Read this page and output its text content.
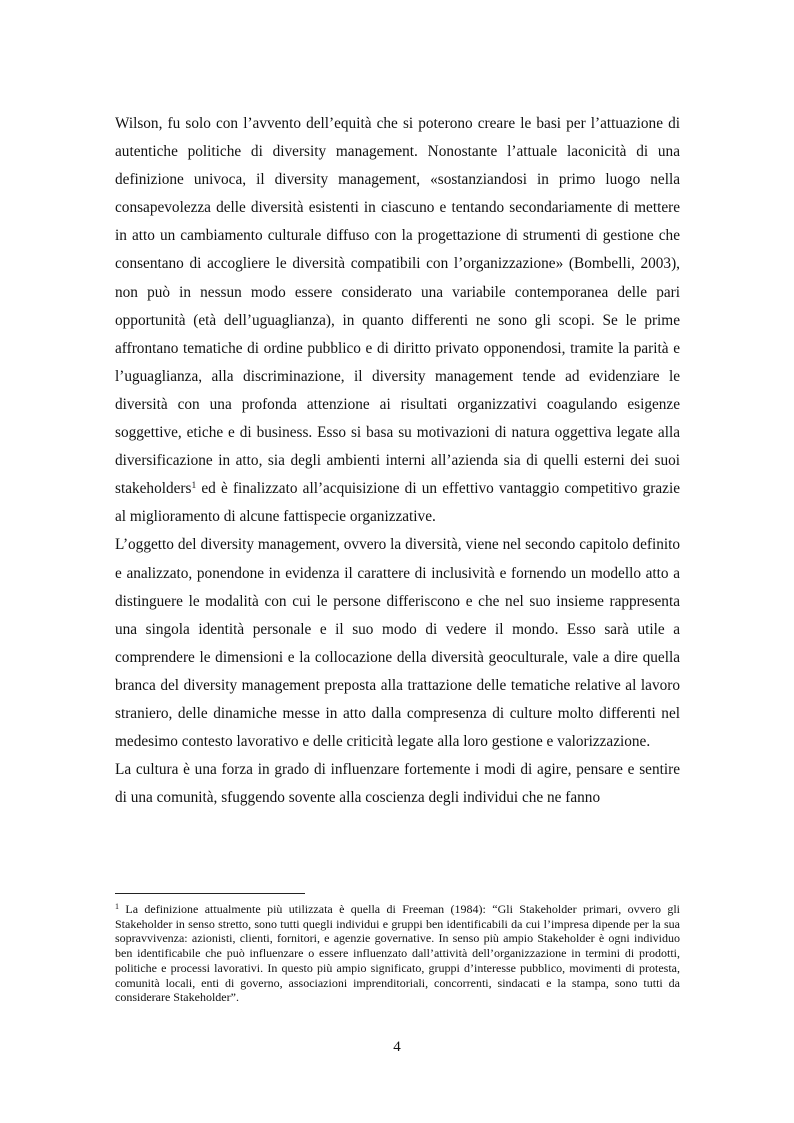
Wilson, fu solo con l’avvento dell’equità che si poterono creare le basi per l’attuazione di autentiche politiche di diversity management. Nonostante l’attuale laconicità di una definizione univoca, il diversity management, «sostanziandosi in primo luogo nella consapevolezza delle diversità esistenti in ciascuno e tentando secondariamente di mettere in atto un cambiamento culturale diffuso con la progettazione di strumenti di gestione che consentano di accogliere le diversità compatibili con l’organizzazione» (Bombelli, 2003), non può in nessun modo essere considerato una variabile contemporanea delle pari opportunità (età dell’uguaglianza), in quanto differenti ne sono gli scopi. Se le prime affrontano tematiche di ordine pubblico e di diritto privato opponendosi, tramite la parità e l’uguaglianza, alla discriminazione, il diversity management tende ad evidenziare le diversità con una profonda attenzione ai risultati organizzativi coagulando esigenze soggettive, etiche e di business. Esso si basa su motivazioni di natura oggettiva legate alla diversificazione in atto, sia degli ambienti interni all’azienda sia di quelli esterni dei suoi stakeholders$^1$ ed è finalizzato all’acquisizione di un effettivo vantaggio competitivo grazie al miglioramento di alcune fattispecie organizzative.

L’oggetto del diversity management, ovvero la diversità, viene nel secondo capitolo definito e analizzato, ponendone in evidenza il carattere di inclusività e fornendo un modello atto a distinguere le modalità con cui le persone differiscono e che nel suo insieme rappresenta una singola identità personale e il suo modo di vedere il mondo. Esso sarà utile a comprendere le dimensioni e la collocazione della diversità geoculturale, vale a dire quella branca del diversity management preposta alla trattazione delle tematiche relative al lavoro straniero, delle dinamiche messe in atto dalla compresenza di culture molto differenti nel medesimo contesto lavorativo e delle criticità legate alla loro gestione e valorizzazione.

La cultura è una forza in grado di influenzare fortemente i modi di agire, pensare e sentire di una comunità, sfuggendo sovente alla coscienza degli individui che ne fanno

$^1$ La definizione attualmente più utilizzata è quella di Freeman (1984): “Gli Stakeholder primari, ovvero gli Stakeholder in senso stretto, sono tutti quegli individui e gruppi ben identificabili da cui l’impresa dipende per la sua sopravvivenza: azionisti, clienti, fornitori, e agenzie governative. In senso più ampio Stakeholder è ogni individuo ben identificabile che può influenzare o essere influenzato dall’attività dell’organizzazione in termini di prodotti, politiche e processi lavorativi. In questo più ampio significato, gruppi d’interesse pubblico, movimenti di protesta, comunità locali, enti di governo, associazioni imprenditoriali, concorrenti, sindacati e la stampa, sono tutti da considerare Stakeholder”.

4
